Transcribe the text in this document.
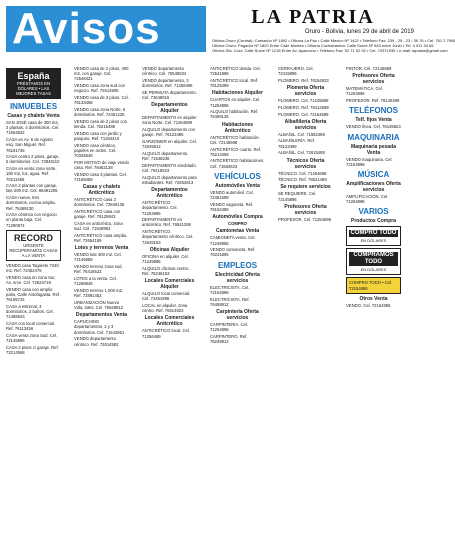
Avisos	LA PATRIA
Oruro - Bolivia, lunes 29 de abril de 2019
Oficina Oruro (Central): Camacho Nº 1892 • Oficina La Paz • Calle Mexico Nº 1422 • Telefono Fax: 239 - 25 - 23 / 39 76 • Cel. 761 2 7906
Oficina Oruro: Pagador Nº 1820 Entre Calle Montes • Oficina Cochabamba: Calle Sucre Nº 543 entre Junin • Tel: 4 511 34 65
Oficina Sta. Cruz: Calle Sucre Nº 1218 Entre Av. Ayacucho • Telefono Fax: 52 71 02 92 • Cel. 70371930 • e-mail: lapatria@gmail.com
España
PRÉSTAMOS EN DÓLARES • LAS MEJORES TASAS
INMUEBLES
Casas y chalets Venta

SAN JOSÉ casa de 300 m2, 2 plantas, 4 dormitorios. Cel. 71654822

CASA en Av. 6 de Agosto esq. San Miguel. Ref. 76161745

CASA centro 2 pisos, garaje, 5 dormitorios. Cel. 72845110

CASA en venta zona norte, 180 m2, luz, agua. Ref. 70211456

CASA 2 plantas con garaje, lote 200 m2. Cel. 68491205

CASA nueva, tres dormitorios, cocina amplia. Ref. 75469130

CASA céntrica con negocio en planta baja. Cel. 71290874

RECORD
URGENTE RECUPERAMOS CASAS A LA VENTA

VENDO casa Tagarete 7340 m2. Ref. 72452475

VENDO casa en zona Sur, Av. Arce. Cel. 72624718

VENDO casa con amplio patio, Calle Antofagasta. Ref. 76195742

CASA a estrenar, 4 dormitorios, 2 baños. Cel. 71488523

CASA con local comercial. Ref. 76113456

CASA venta zona Sud. Cel. 72145896

CASA 2 pisos c/ garaje. Ref. 73214568

VENDO casa de 2 pisos, 400 m2, con garaje. Cel. 72548421

VENDO casa zona sud con negocio. Ref. 72614805

VENDO casa de 3 pisos. Cel. 76133458

VENDO casa zona Norte, 5 dormitorios. Ref. 72461225

VENDO casa de 2 pisos con tienda. Cel. 76215488

VENDO casa con jardín y parqueo. Ref. 71254410

VENDO casa céntrica, papeles en orden. Cel. 70326548

POR MOTIVO de viaje vendo casa. Ref. 78462138

VENDO casa 3 plantas. Cel. 72168459

Casas y chalets Anticrético

ANTICRÉTICO casa 3 dormitorios. Cel. 72846135

ANTICRÉTICO casa con garaje. Ref. 76129843

CASA en anticrético, zona sud. Cel. 71548963

ANTICRÉTICO casa amplia. Ref. 72654189

Lotes y terrenos Venta

VENDO lote 300 m2. Cel. 72146589

VENDO terreno zona sud. Ref. 76418523

LOTES a la venta. Cel. 71268945

VENDO terreno 1.000 m2. Ref. 72891453

URBANIZACIÓN Nueva Vida, lotes. Cel. 76548912

Departamentos Venta

CAPUCHINO departamentos, 2 y 3 dormitorios. Cel. 71542861

VENDO departamento céntrico. Ref. 72614582

VENDO departamento céntrico. Cel. 76548934

VENDO departamento, 3 dormitorios. Ref. 71256498

SE PERMUTA departamento. Cel. 72648915

Departamentos Alquiler

DEPARTAMENTO en alquiler zona Norte. Cel. 71264589

ALQUILO departamento con garaje. Ref. 76123485

GARZONIER en alquiler. Cel. 72645812

ALQUILO departamento. Ref. 71548236

DEPARTAMENTO amoblado. Cel. 76418523

ALQUILO departamento para estudiantes. Ref. 72654813

Departamentos Anticrético

ANTICRÉTICO departamento. Cel. 71254896

DEPARTAMENTO en anticrético. Ref. 76541289

ANTICRÉTICO departamento céntrico. Cel. 72648153

Oficinas Alquiler

OFICINA en alquiler. Cel. 71245896

ALQUILO oficinas centro. Ref. 76248153

Locales Comerciales Alquiler

ALQUILO local comercial. Cel. 72451896

LOCAL en alquiler, zona centro. Ref. 76514823

Locales Comerciales Anticrético

ANTICRÉTICO local. Cel. 71256489

ANTICRÉTICO tienda. Cel. 72541896

ANTICRÉTICO local. Ref. 76125489

Habitaciones Alquiler

CUARTOS en alquiler. Cel. 71254896

ALQUILO habitación. Ref. 76489125

Habitaciones Anticrético

ANTICRÉTICO habitación. Cel. 72145698

ANTICRÉTICO cuarto. Ref. 76213458

ANTICRÉTICO habitaciones. Cel. 71584623

VEHÍCULOS
Automóviles Venta

VENDO automóvil. Cel. 72461589

VENDO vagoneta. Ref. 76152489

Automóviles Compra

COMPRO

Camionetas Venta

CAMIONETA venta. Cel. 71248965

VENDO camioneta. Ref. 76241895

EMPLEOS
Electricidad Oferta servicios

ELECTRICISTA. Cel. 72154896

ELECTRICISTA. Ref. 76458912

Carpintería Oferta servicios

CARPINTERÍA. Cel. 71254896

CARPINTERO. Ref. 76248913

CERRAJERO. Cel. 72415896

PLOMERO. Ref. 76154823

Plomería Oferta servicios

PLOMERO. Cel. 71245689

PLOMERO. Ref. 76412589

PLOMERO. Cel. 72164589

Albañilería Oferta servicios

ALBAÑIL. Cel. 71562489

ALBAÑILERÍA. Ref. 76123489

ALBAÑIL. Cel. 72615489

Técnicos Oferta servicios

TÉCNICO. Cel. 71254698

TÉCNICO. Ref. 76521489

Se requiere servicios

SE REQUIERE. Cel. 72145896

Profesores Oferta servicios

PROFESOR. Cel. 71254896

PINTOR. Cel. 72145689

Profesores Oferta servicios

MATEMÁTICA. Cel. 71254896

PROFESOR. Ref. 76145289

TELÉFONOS
Telf. fijos Venta

VENDO línea. Cel. 76145823

MAQUINARIA
Maquinaria pesada Venta

VENDO maquinaria. Cel. 72154896

MÚSICA
Amplificaciones Oferta servicios

AMPLIFICACIÓN. Cel. 71254896

VARIOS
Productos Compra
COMPRO TODO
EN DÓLARES
COMPRAMOS TODO
EN DÓLARES
COMPRO TODO • Cel. 72154896
Otros Venta

VENDO. Cel. 72154896
